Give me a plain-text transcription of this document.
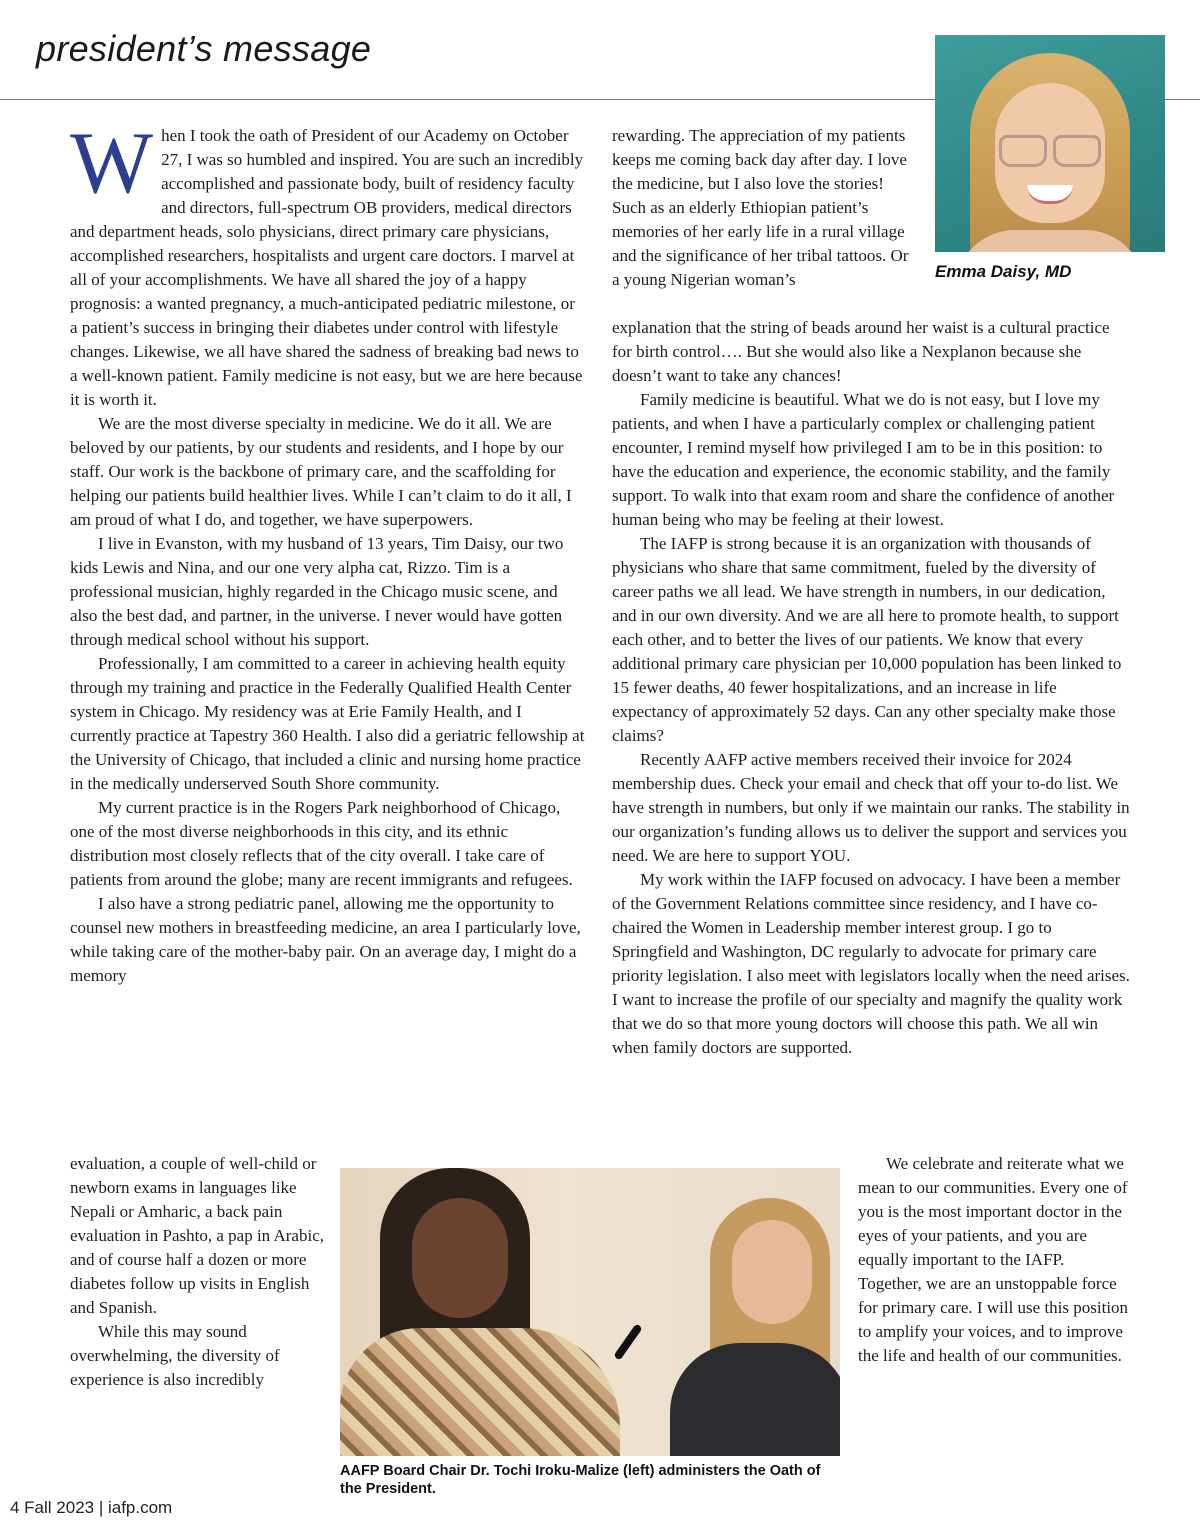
president’s message
Emma Daisy, MD

When I took the oath of President of our Academy on October 27, I was so humbled and inspired. You are such an incredibly accomplished and passionate body, built of residency faculty and directors, full-spectrum OB providers, medical directors and department heads, solo physicians, direct primary care physicians, accomplished researchers, hospitalists and urgent care doctors. I marvel at all of your accomplishments. We have all shared the joy of a happy prognosis: a wanted pregnancy, a much-anticipated pediatric milestone, or a patient’s success in bringing their diabetes under control with lifestyle changes. Likewise, we all have shared the sadness of breaking bad news to a well-known patient. Family medicine is not easy, but we are here because it is worth it.

We are the most diverse specialty in medicine. We do it all. We are beloved by our patients, by our students and residents, and I hope by our staff. Our work is the backbone of primary care, and the scaffolding for helping our patients build healthier lives. While I can’t claim to do it all, I am proud of what I do, and together, we have superpowers.

I live in Evanston, with my husband of 13 years, Tim Daisy, our two kids Lewis and Nina, and our one very alpha cat, Rizzo. Tim is a professional musician, highly regarded in the Chicago music scene, and also the best dad, and partner, in the universe. I never would have gotten through medical school without his support.

Professionally, I am committed to a career in achieving health equity through my training and practice in the Federally Qualified Health Center system in Chicago. My residency was at Erie Family Health, and I currently practice at Tapestry 360 Health. I also did a geriatric fellowship at the University of Chicago, that included a clinic and nursing home practice in the medically underserved South Shore community.

My current practice is in the Rogers Park neighborhood of Chicago, one of the most diverse neighborhoods in this city, and its ethnic distribution most closely reflects that of the city overall. I take care of patients from around the globe; many are recent immigrants and refugees.

I also have a strong pediatric panel, allowing me the opportunity to counsel new mothers in breastfeeding medicine, an area I particularly love, while taking care of the mother-baby pair. On an average day, I might do a memory

evaluation, a couple of well-child or newborn exams in languages like Nepali or Amharic, a back pain evaluation in Pashto, a pap in Arabic, and of course half a dozen or more diabetes follow up visits in English and Spanish.

While this may sound overwhelming, the diversity of experience is also incredibly

rewarding. The appreciation of my patients keeps me coming back day after day. I love the medicine, but I also love the stories! Such as an elderly Ethiopian patient’s memories of her early life in a rural village and the significance of her tribal tattoos. Or a young Nigerian woman’s

explanation that the string of beads around her waist is a cultural practice for birth control…. But she would also like a Nexplanon because she doesn’t want to take any chances!

Family medicine is beautiful. What we do is not easy, but I love my patients, and when I have a particularly complex or challenging patient encounter, I remind myself how privileged I am to be in this position: to have the education and experience, the economic stability, and the family support. To walk into that exam room and share the confidence of another human being who may be feeling at their lowest.

The IAFP is strong because it is an organization with thousands of physicians who share that same commitment, fueled by the diversity of career paths we all lead. We have strength in numbers, in our dedication, and in our own diversity. And we are all here to promote health, to support each other, and to better the lives of our patients. We know that every additional primary care physician per 10,000 population has been linked to 15 fewer deaths, 40 fewer hospitalizations, and an increase in life expectancy of approximately 52 days. Can any other specialty make those claims?

Recently AAFP active members received their invoice for 2024 membership dues. Check your email and check that off your to-do list. We have strength in numbers, but only if we maintain our ranks. The stability in our organization’s funding allows us to deliver the support and services you need. We are here to support YOU.

My work within the IAFP focused on advocacy. I have been a member of the Government Relations committee since residency, and I have co-chaired the Women in Leadership member interest group. I go to Springfield and Washington, DC regularly to advocate for primary care priority legislation. I also meet with legislators locally when the need arises. I want to increase the profile of our specialty and magnify the quality work that we do so that more young doctors will choose this path. We all win when family doctors are supported.

We celebrate and reiterate what we mean to our communities. Every one of you is the most important doctor in the eyes of your patients, and you are equally important to the IAFP. Together, we are an unstoppable force for primary care. I will use this position to amplify your voices, and to improve the life and health of our communities.

AAFP Board Chair Dr. Tochi Iroku-Malize (left) administers the Oath of the President.
4 Fall 2023 | iafp.com
